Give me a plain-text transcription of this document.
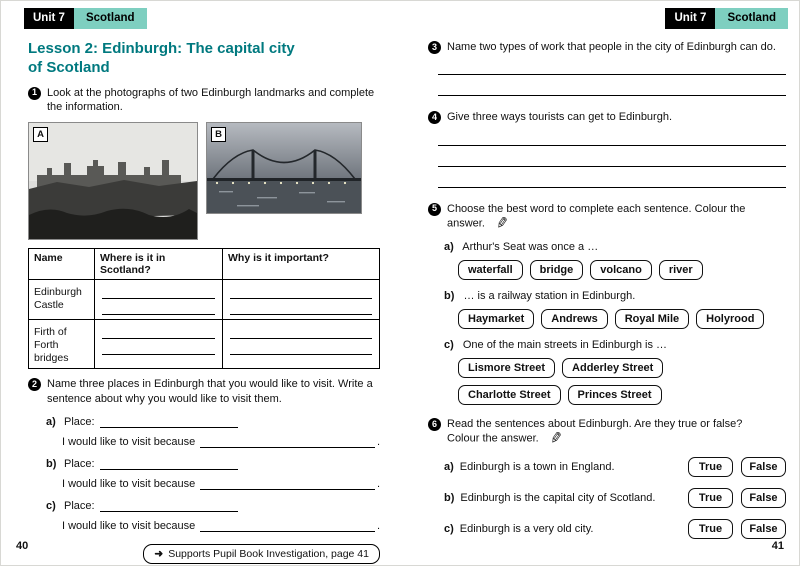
Unit 7	Scotland
Lesson 2: Edinburgh: The capital city
of Scotland
1 Look at the photographs of two Edinburgh landmarks and complete the information.
A	B
Name	Where is it in Scotland?	Why is it important?
Edinburgh Castle	

Firth of Forth bridges	

2 Name three places in Edinburgh that you would like to visit. Write a sentence about why you would like to visit them.
a) Place:
I would like to visit because	.
b) Place:
I would like to visit because	.
c) Place:
I would like to visit because	.
➜ Supports Pupil Book Investigation, page 41
40
Unit 7	Scotland
3 Name two types of work that people in the city of Edinburgh can do.
4 Give three ways tourists can get to Edinburgh.
5 Choose the best word to complete each sentence. Colour the answer. ✎
a) Arthur's Seat was once a …
waterfall	bridge	volcano	river
b) … is a railway station in Edinburgh.
Haymarket	Andrews	Royal Mile	Holyrood
c) One of the main streets in Edinburgh is …
Lismore Street	Adderley Street
Charlotte Street	Princes Street
6 Read the sentences about Edinburgh. Are they true or false?
Colour the answer. ✎
a) Edinburgh is a town in England.	True	False
b) Edinburgh is the capital city of Scotland.	True	False
c) Edinburgh is a very old city.	True	False
41
